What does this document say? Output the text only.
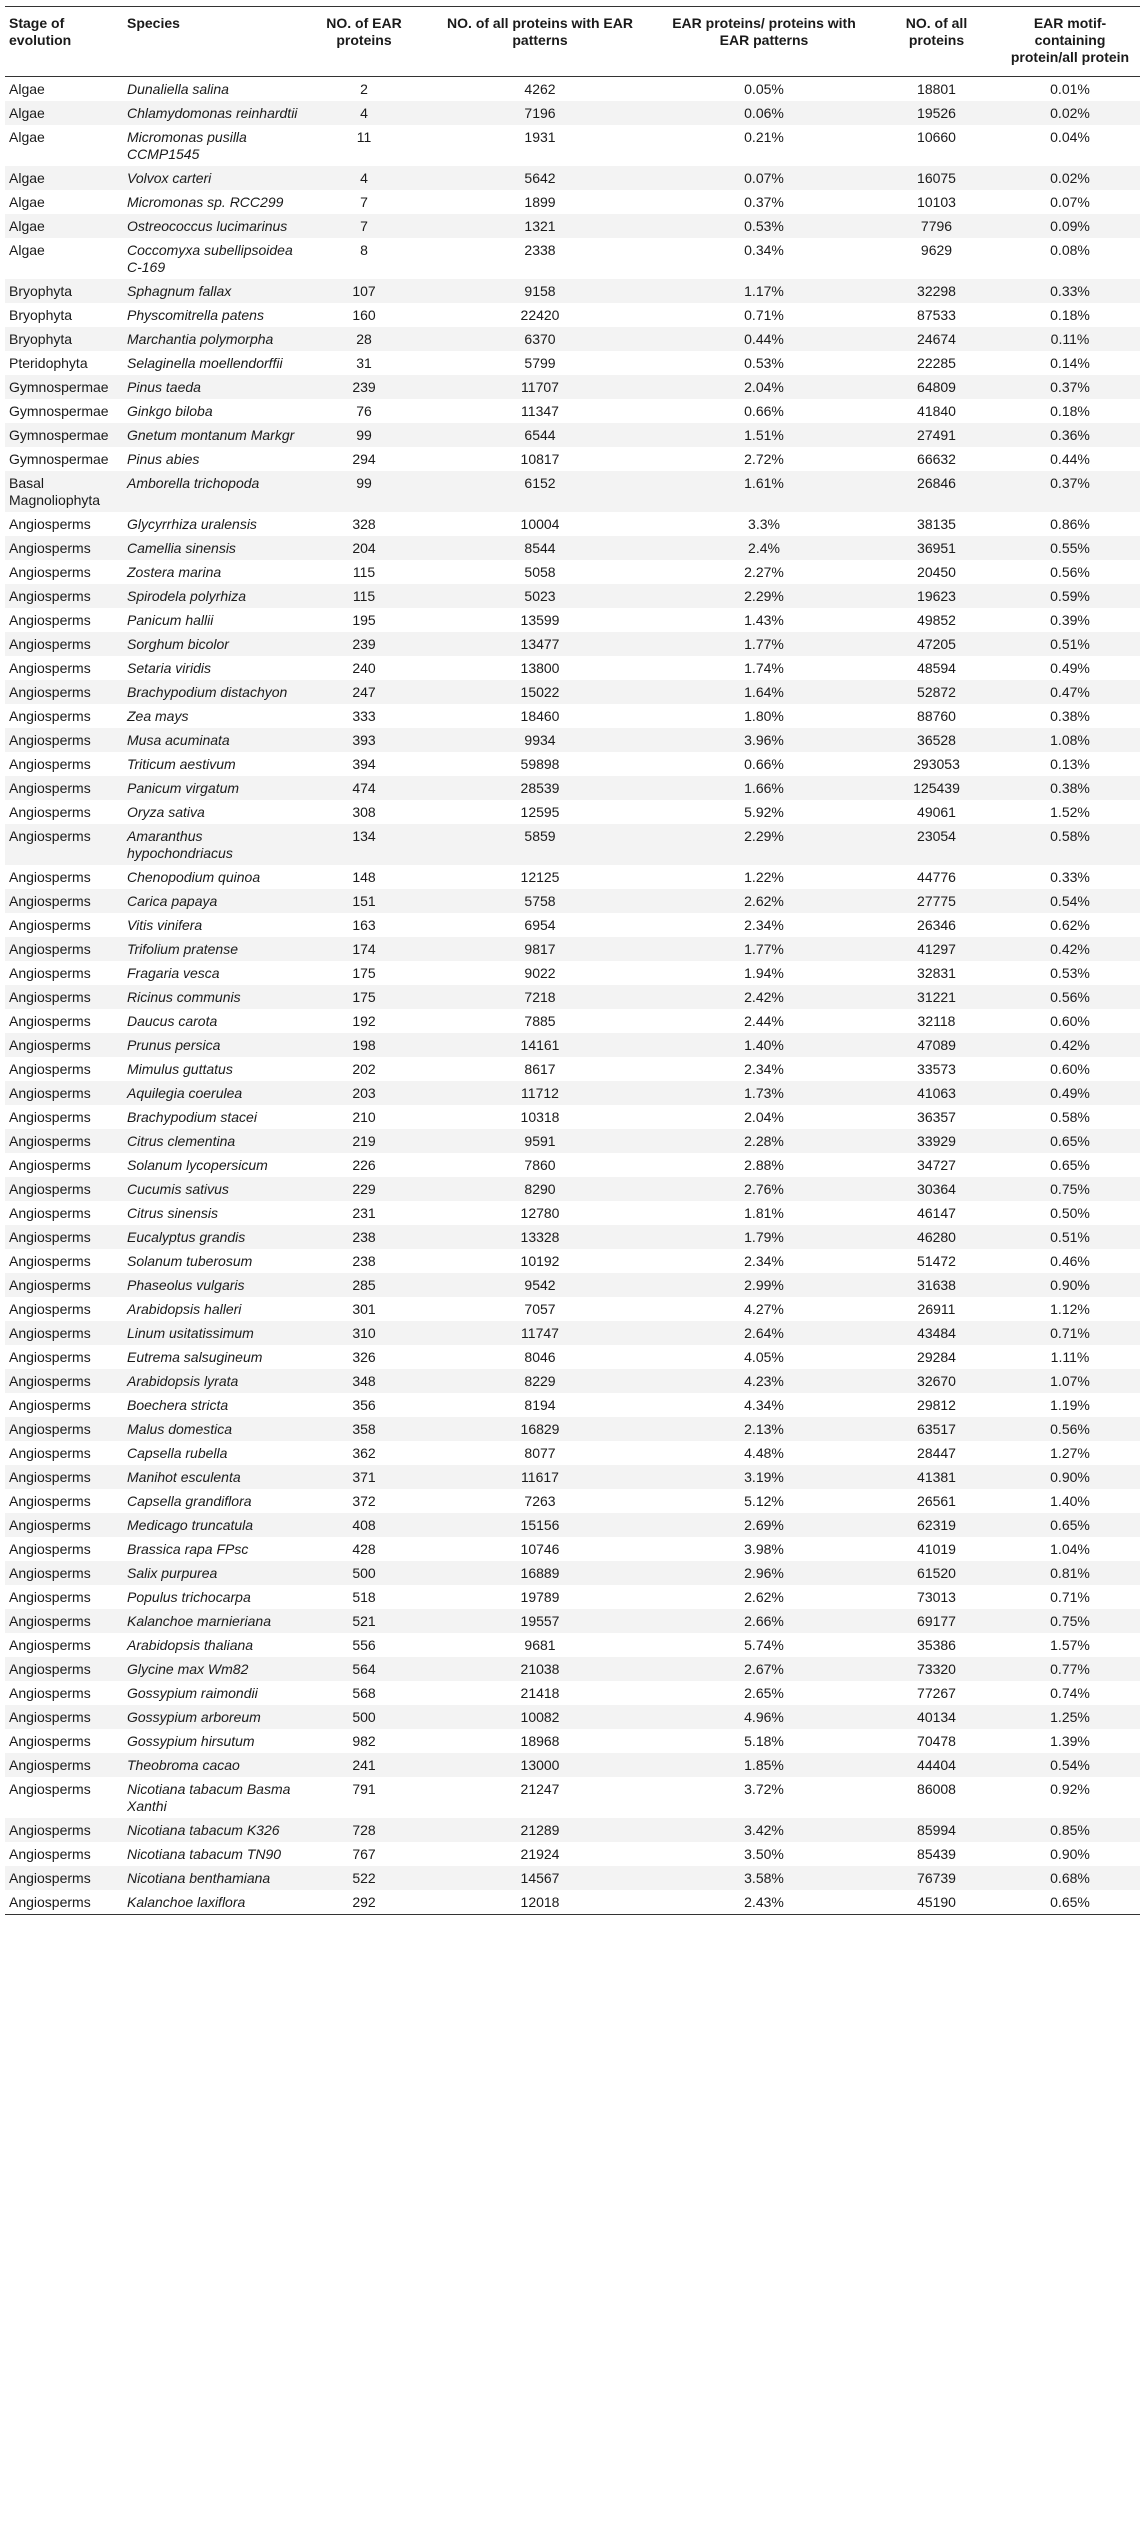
Stage of evolution	Species	NO. of EAR proteins	NO. of all proteins with EAR patterns	EAR proteins/ proteins with EAR patterns	NO. of all proteins	EAR motif-containing protein/all protein
Algae	Dunaliella salina	2	4262	0.05%	18801	0.01%
Algae	Chlamydomonas reinhardtii	4	7196	0.06%	19526	0.02%
Algae	Micromonas pusilla CCMP1545	11	1931	0.21%	10660	0.04%
Algae	Volvox carteri	4	5642	0.07%	16075	0.02%
Algae	Micromonas sp. RCC299	7	1899	0.37%	10103	0.07%
Algae	Ostreococcus lucimarinus	7	1321	0.53%	7796	0.09%
Algae	Coccomyxa subellipsoidea C-169	8	2338	0.34%	9629	0.08%
Bryophyta	Sphagnum fallax	107	9158	1.17%	32298	0.33%
Bryophyta	Physcomitrella patens	160	22420	0.71%	87533	0.18%
Bryophyta	Marchantia polymorpha	28	6370	0.44%	24674	0.11%
Pteridophyta	Selaginella moellendorffii	31	5799	0.53%	22285	0.14%
Gymnospermae	Pinus taeda	239	11707	2.04%	64809	0.37%
Gymnospermae	Ginkgo biloba	76	11347	0.66%	41840	0.18%
Gymnospermae	Gnetum montanum Markgr	99	6544	1.51%	27491	0.36%
Gymnospermae	Pinus abies	294	10817	2.72%	66632	0.44%
Basal Magnoliophyta	Amborella trichopoda	99	6152	1.61%	26846	0.37%
Angiosperms	Glycyrrhiza uralensis	328	10004	3.3%	38135	0.86%
Angiosperms	Camellia sinensis	204	8544	2.4%	36951	0.55%
Angiosperms	Zostera marina	115	5058	2.27%	20450	0.56%
Angiosperms	Spirodela polyrhiza	115	5023	2.29%	19623	0.59%
Angiosperms	Panicum hallii	195	13599	1.43%	49852	0.39%
Angiosperms	Sorghum bicolor	239	13477	1.77%	47205	0.51%
Angiosperms	Setaria viridis	240	13800	1.74%	48594	0.49%
Angiosperms	Brachypodium distachyon	247	15022	1.64%	52872	0.47%
Angiosperms	Zea mays	333	18460	1.80%	88760	0.38%
Angiosperms	Musa acuminata	393	9934	3.96%	36528	1.08%
Angiosperms	Triticum aestivum	394	59898	0.66%	293053	0.13%
Angiosperms	Panicum virgatum	474	28539	1.66%	125439	0.38%
Angiosperms	Oryza sativa	308	12595	5.92%	49061	1.52%
Angiosperms	Amaranthus hypochondriacus	134	5859	2.29%	23054	0.58%
Angiosperms	Chenopodium quinoa	148	12125	1.22%	44776	0.33%
Angiosperms	Carica papaya	151	5758	2.62%	27775	0.54%
Angiosperms	Vitis vinifera	163	6954	2.34%	26346	0.62%
Angiosperms	Trifolium pratense	174	9817	1.77%	41297	0.42%
Angiosperms	Fragaria vesca	175	9022	1.94%	32831	0.53%
Angiosperms	Ricinus communis	175	7218	2.42%	31221	0.56%
Angiosperms	Daucus carota	192	7885	2.44%	32118	0.60%
Angiosperms	Prunus persica	198	14161	1.40%	47089	0.42%
Angiosperms	Mimulus guttatus	202	8617	2.34%	33573	0.60%
Angiosperms	Aquilegia coerulea	203	11712	1.73%	41063	0.49%
Angiosperms	Brachypodium stacei	210	10318	2.04%	36357	0.58%
Angiosperms	Citrus clementina	219	9591	2.28%	33929	0.65%
Angiosperms	Solanum lycopersicum	226	7860	2.88%	34727	0.65%
Angiosperms	Cucumis sativus	229	8290	2.76%	30364	0.75%
Angiosperms	Citrus sinensis	231	12780	1.81%	46147	0.50%
Angiosperms	Eucalyptus grandis	238	13328	1.79%	46280	0.51%
Angiosperms	Solanum tuberosum	238	10192	2.34%	51472	0.46%
Angiosperms	Phaseolus vulgaris	285	9542	2.99%	31638	0.90%
Angiosperms	Arabidopsis halleri	301	7057	4.27%	26911	1.12%
Angiosperms	Linum usitatissimum	310	11747	2.64%	43484	0.71%
Angiosperms	Eutrema salsugineum	326	8046	4.05%	29284	1.11%
Angiosperms	Arabidopsis lyrata	348	8229	4.23%	32670	1.07%
Angiosperms	Boechera stricta	356	8194	4.34%	29812	1.19%
Angiosperms	Malus domestica	358	16829	2.13%	63517	0.56%
Angiosperms	Capsella rubella	362	8077	4.48%	28447	1.27%
Angiosperms	Manihot esculenta	371	11617	3.19%	41381	0.90%
Angiosperms	Capsella grandiflora	372	7263	5.12%	26561	1.40%
Angiosperms	Medicago truncatula	408	15156	2.69%	62319	0.65%
Angiosperms	Brassica rapa FPsc	428	10746	3.98%	41019	1.04%
Angiosperms	Salix purpurea	500	16889	2.96%	61520	0.81%
Angiosperms	Populus trichocarpa	518	19789	2.62%	73013	0.71%
Angiosperms	Kalanchoe marnieriana	521	19557	2.66%	69177	0.75%
Angiosperms	Arabidopsis thaliana	556	9681	5.74%	35386	1.57%
Angiosperms	Glycine max Wm82	564	21038	2.67%	73320	0.77%
Angiosperms	Gossypium raimondii	568	21418	2.65%	77267	0.74%
Angiosperms	Gossypium arboreum	500	10082	4.96%	40134	1.25%
Angiosperms	Gossypium hirsutum	982	18968	5.18%	70478	1.39%
Angiosperms	Theobroma cacao	241	13000	1.85%	44404	0.54%
Angiosperms	Nicotiana tabacum Basma Xanthi	791	21247	3.72%	86008	0.92%
Angiosperms	Nicotiana tabacum K326	728	21289	3.42%	85994	0.85%
Angiosperms	Nicotiana tabacum TN90	767	21924	3.50%	85439	0.90%
Angiosperms	Nicotiana benthamiana	522	14567	3.58%	76739	0.68%
Angiosperms	Kalanchoe laxiflora	292	12018	2.43%	45190	0.65%
